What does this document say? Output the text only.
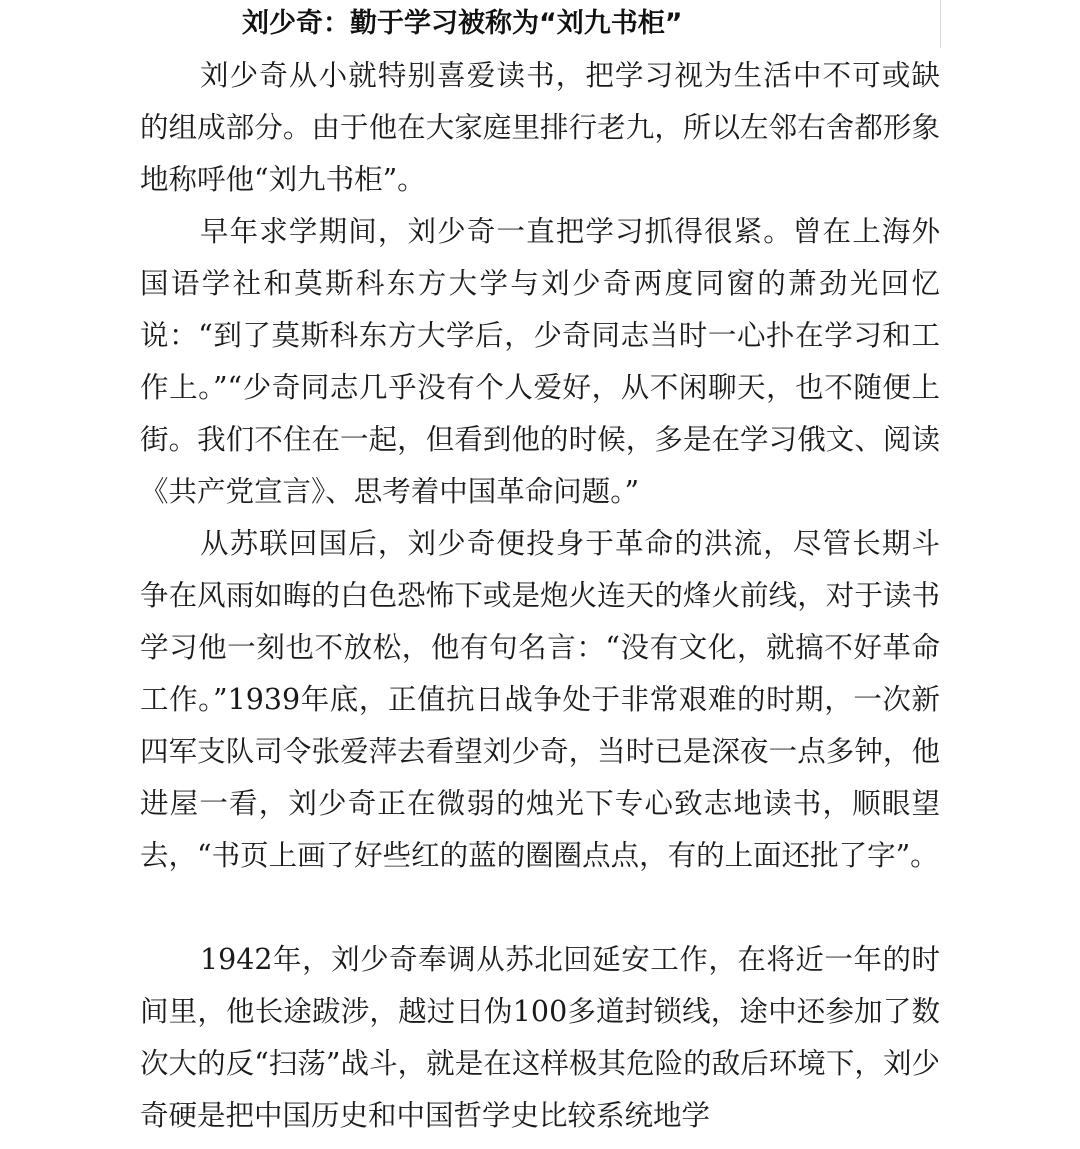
刘少奇：勤于学习被称为“刘九书柜”

刘少奇从小就特别喜爱读书，把学习视为生活中不可或缺的组成部分。由于他在大家庭里排行老九，所以左邻右舍都形象地称呼他“刘九书柜”。

早年求学期间，刘少奇一直把学习抓得很紧。曾在上海外国语学社和莫斯科东方大学与刘少奇两度同窗的萧劲光回忆说：“到了莫斯科东方大学后，少奇同志当时一心扑在学习和工作上。”“少奇同志几乎没有个人爱好，从不闲聊天，也不随便上街。我们不住在一起，但看到他的时候，多是在学习俄文、阅读《共产党宣言》、思考着中国革命问题。”

从苏联回国后，刘少奇便投身于革命的洪流，尽管长期斗争在风雨如晦的白色恐怖下或是炮火连天的烽火前线，对于读书学习他一刻也不放松，他有句名言：“没有文化，就搞不好革命工作。”1939年底，正值抗日战争处于非常艰难的时期，一次新四军支队司令张爱萍去看望刘少奇，当时已是深夜一点多钟，他进屋一看，刘少奇正在微弱的烛光下专心致志地读书，顺眼望去，“书页上画了好些红的蓝的圈圈点点，有的上面还批了字”。

1942年，刘少奇奉调从苏北回延安工作，在将近一年的时间里，他长途跋涉，越过日伪100多道封锁线，途中还参加了数次大的反“扫荡”战斗，就是在这样极其危险的敌后环境下，刘少奇硬是把中国历史和中国哲学史比较系统地学
